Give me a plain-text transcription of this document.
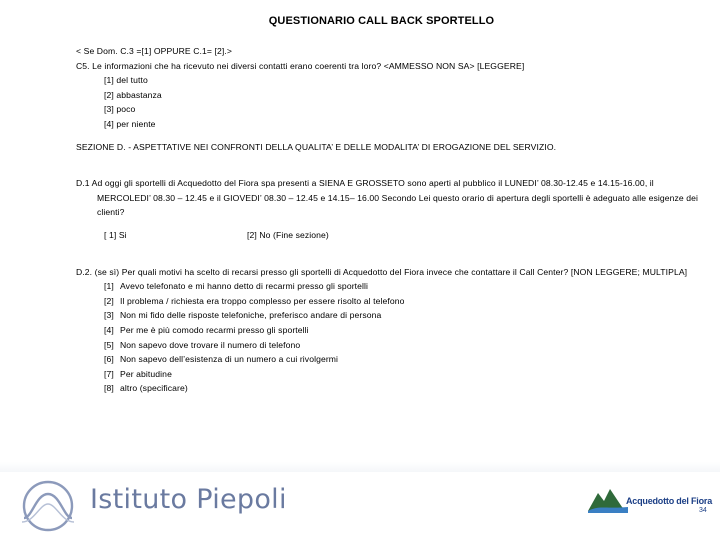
QUESTIONARIO CALL BACK SPORTELLO
< Se Dom. C.3 =[1] OPPURE C.1= [2].>
C5. Le informazioni che ha ricevuto nei diversi contatti erano coerenti tra loro? <AMMESSO NON SA> [LEGGERE]
[1] del tutto
[2] abbastanza
[3] poco
[4] per niente
SEZIONE D. - ASPETTATIVE NEI CONFRONTI DELLA QUALITA’ E DELLE MODALITA’ DI EROGAZIONE DEL SERVIZIO.
D.1 Ad oggi gli sportelli di Acquedotto del Fiora spa presenti a SIENA E GROSSETO sono aperti al pubblico il LUNEDI’ 08.30-12.45 e 14.15-16.00, il MERCOLEDI’ 08.30 – 12.45 e il GIOVEDI’ 08.30 – 12.45 e 14.15– 16.00 Secondo Lei questo orario di apertura degli sportelli è adeguato alle esigenze dei clienti?
[ 1] Si	[2] No (Fine sezione)
D.2. (se sì) Per quali motivi ha scelto di recarsi presso gli sportelli di Acquedotto del Fiora invece che contattare il Call Center? [NON LEGGERE; MULTIPLA]
[1] Avevo telefonato e mi hanno detto di recarmi presso gli sportelli
[2] Il problema / richiesta era troppo complesso per essere risolto al telefono
[3] Non mi fido delle risposte telefoniche, preferisco andare di persona
[4] Per me è più comodo recarmi presso gli sportelli
[5] Non sapevo dove trovare il numero di telefono
[6] Non sapevo dell’esistenza di un numero a cui rivolgermi
[7] Per abitudine
[8] altro (specificare)
Istituto Piepoli	Acquedotto del Fiora
34
